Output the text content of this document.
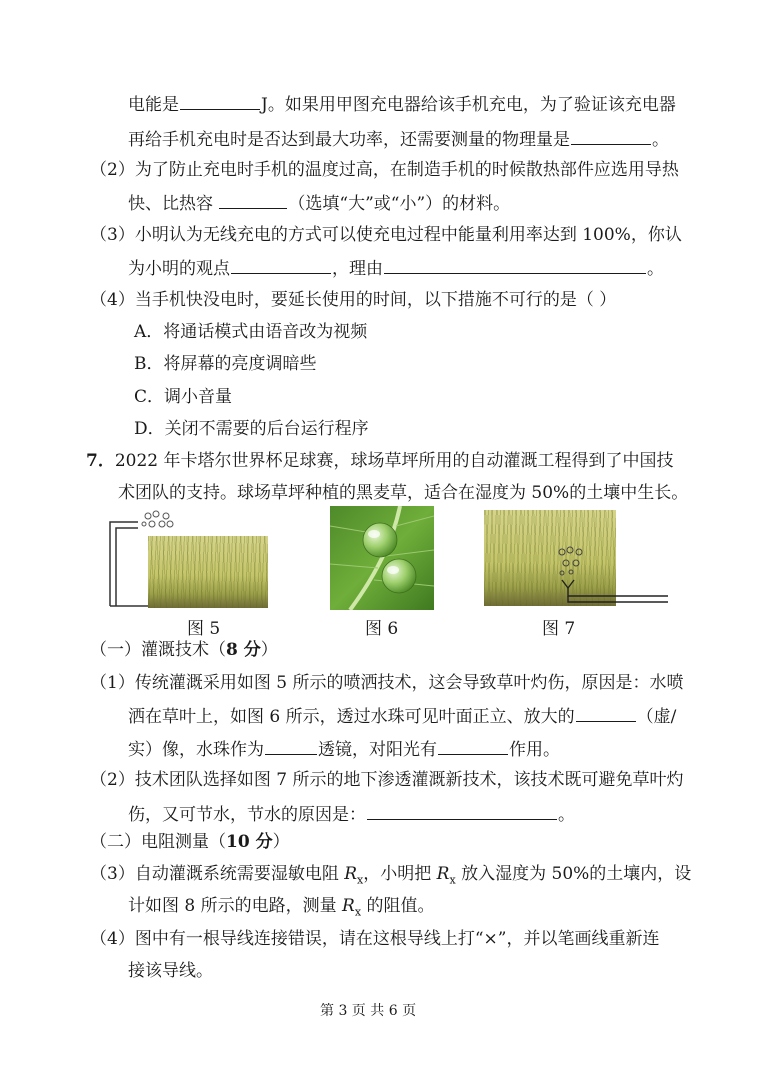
电能是	J。如果用甲图充电器给该手机充电，为了验证该充电器
再给手机充电时是否达到最大功率，还需要测量的物理量是	。
（2）为了防止充电时手机的温度过高，在制造手机的时候散热部件应选用导热
快、比热容	（选填“大”或“小”）的材料。
（3）小明认为无线充电的方式可以使充电过程中能量利用率达到 100%，你认
为小明的观点	，理由	。
（4）当手机快没电时，要延长使用的时间，以下措施不可行的是（ ）
A．将通话模式由语音改为视频
B．将屏幕的亮度调暗些
C．调小音量
D．关闭不需要的后台运行程序
7．2022 年卡塔尔世界杯足球赛，球场草坪所用的自动灌溉工程得到了中国技
术团队的支持。球场草坪种植的黑麦草，适合在湿度为 50%的土壤中生长。
图 5	图 6	图 7
（一）灌溉技术（8 分）
（1）传统灌溉采用如图 5 所示的喷洒技术，这会导致草叶灼伤，原因是：水喷
洒在草叶上，如图 6 所示，透过水珠可见叶面正立、放大的	（虚/
实）像，水珠作为	透镜，对阳光有	作用。
（2）技术团队选择如图 7 所示的地下渗透灌溉新技术，该技术既可避免草叶灼
伤，又可节水，节水的原因是：	。
（二）电阻测量（10 分）
（3）自动灌溉系统需要湿敏电阻 $R_x$，小明把 $R_x$ 放入湿度为 50%的土壤内，设
计如图 8 所示的电路，测量 $R_x$ 的阻值。
（4）图中有一根导线连接错误，请在这根导线上打“×”，并以笔画线重新连
接该导线。
第 3 页 共 6 页
